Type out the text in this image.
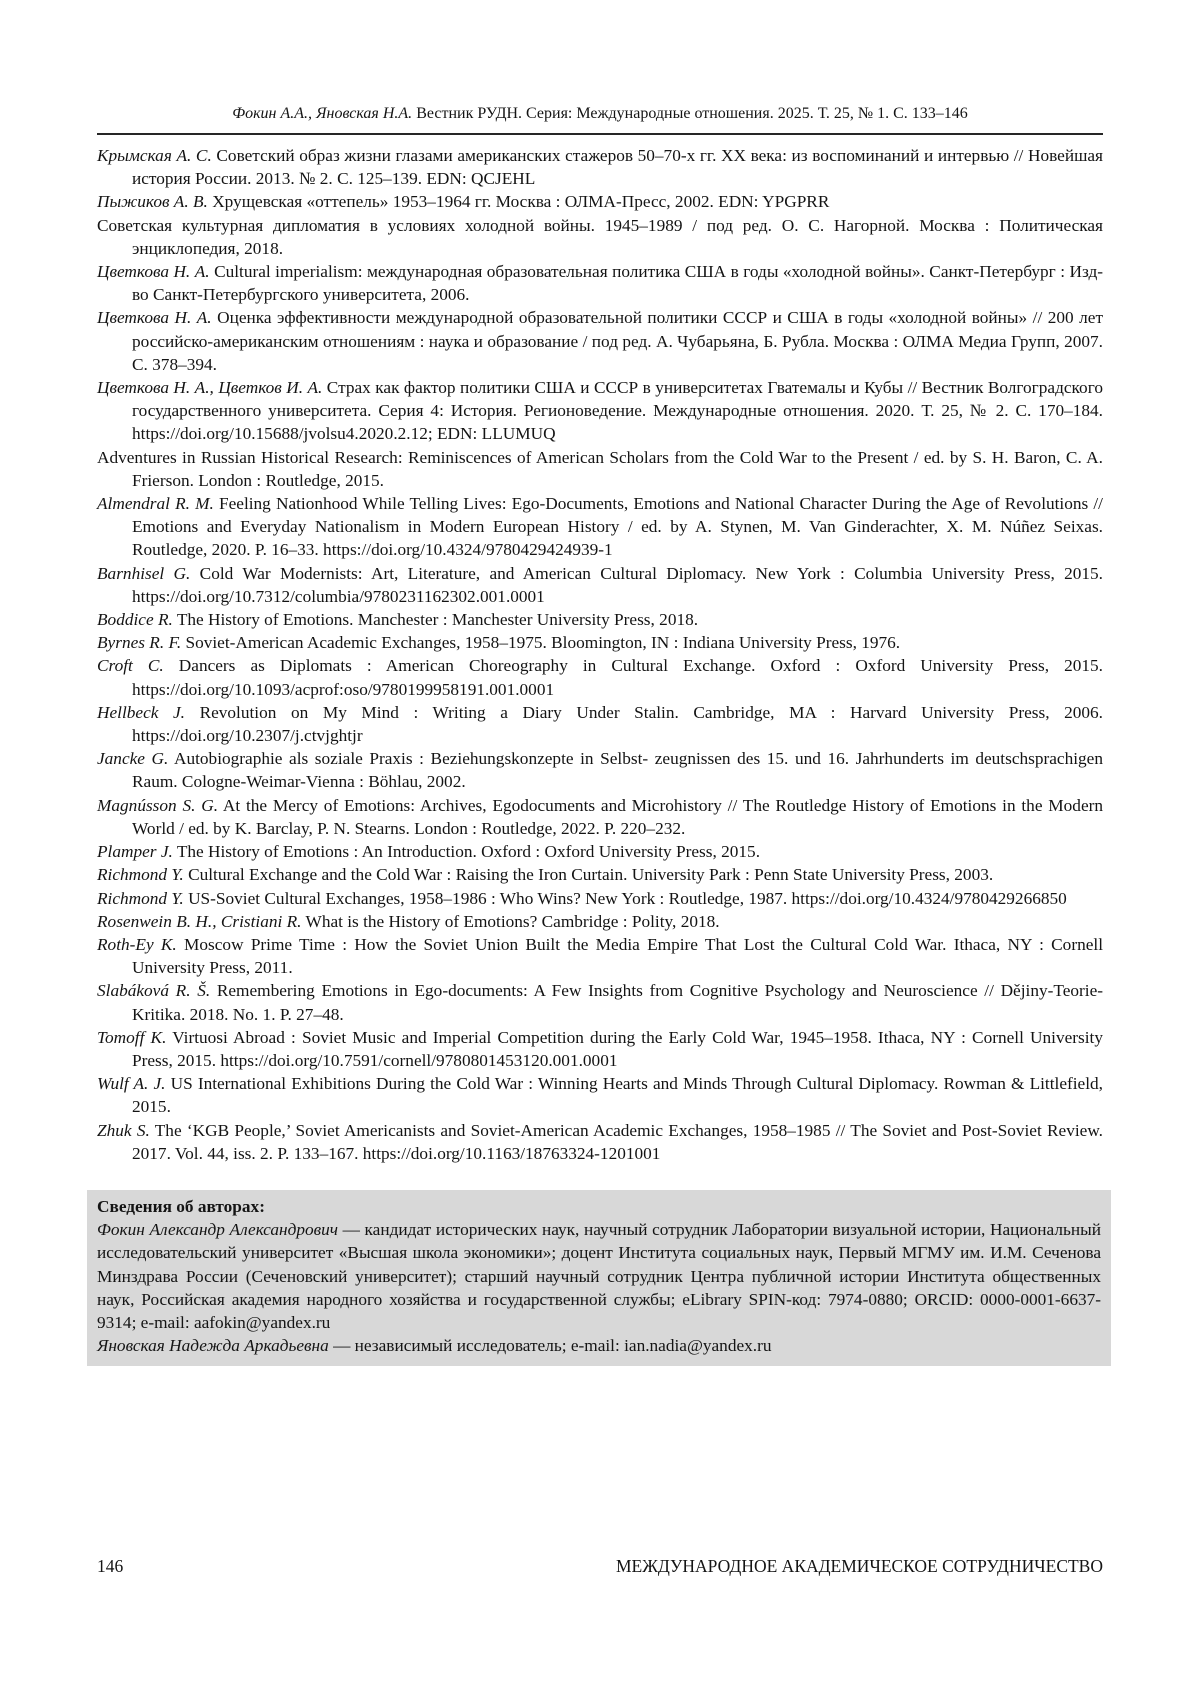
Фокин А.А., Яновская Н.А. Вестник РУДН. Серия: Международные отношения. 2025. Т. 25, № 1. С. 133–146
Крымская А. С. Советский образ жизни глазами американских стажеров 50–70-х гг. XX века: из воспоминаний и интервью // Новейшая история России. 2013. № 2. С. 125–139. EDN: QCJEHL
Пыжиков А. В. Хрущевская «оттепель» 1953–1964 гг. Москва : ОЛМА-Пресс, 2002. EDN: YPGPRR
Советская культурная дипломатия в условиях холодной войны. 1945–1989 / под ред. О. С. Нагорной. Москва : Политическая энциклопедия, 2018.
Цветкова Н. А. Cultural imperialism: международная образовательная политика США в годы «холодной войны». Санкт-Петербург : Изд-во Санкт-Петербургского университета, 2006.
Цветкова Н. А. Оценка эффективности международной образовательной политики СССР и США в годы «холодной войны» // 200 лет российско-американским отношениям : наука и образование / под ред. А. Чубарьяна, Б. Рубла. Москва : ОЛМА Медиа Групп, 2007. С. 378–394.
Цветкова Н. А., Цветков И. А. Страх как фактор политики США и СССР в университетах Гватемалы и Кубы // Вестник Волгоградского государственного университета. Серия 4: История. Регионоведение. Международные отношения. 2020. Т. 25, № 2. С. 170–184. https://doi.org/10.15688/jvolsu4.2020.2.12; EDN: LLUMUQ
Adventures in Russian Historical Research: Reminiscences of American Scholars from the Cold War to the Present / ed. by S. H. Baron, C. A. Frierson. London : Routledge, 2015.
Almendral R. M. Feeling Nationhood While Telling Lives: Ego-Documents, Emotions and National Character During the Age of Revolutions // Emotions and Everyday Nationalism in Modern European History / ed. by A. Stynen, M. Van Ginderachter, X. M. Núñez Seixas. Routledge, 2020. P. 16–33. https://doi.org/10.4324/9780429424939-1
Barnhisel G. Cold War Modernists: Art, Literature, and American Cultural Diplomacy. New York : Columbia University Press, 2015. https://doi.org/10.7312/columbia/9780231162302.001.0001
Boddice R. The History of Emotions. Manchester : Manchester University Press, 2018.
Byrnes R. F. Soviet-American Academic Exchanges, 1958–1975. Bloomington, IN : Indiana University Press, 1976.
Croft C. Dancers as Diplomats : American Choreography in Cultural Exchange. Oxford : Oxford University Press, 2015. https://doi.org/10.1093/acprof:oso/9780199958191.001.0001
Hellbeck J. Revolution on My Mind : Writing a Diary Under Stalin. Cambridge, MA : Harvard University Press, 2006. https://doi.org/10.2307/j.ctvjghtjr
Jancke G. Autobiographie als soziale Praxis : Beziehungskonzepte in Selbst- zeugnissen des 15. und 16. Jahrhunderts im deutschsprachigen Raum. Cologne-Weimar-Vienna : Böhlau, 2002.
Magnússon S. G. At the Mercy of Emotions: Archives, Egodocuments and Microhistory // The Routledge History of Emotions in the Modern World / ed. by K. Barclay, P. N. Stearns. London : Routledge, 2022. P. 220–232.
Plamper J. The History of Emotions : An Introduction. Oxford : Oxford University Press, 2015.
Richmond Y. Cultural Exchange and the Cold War : Raising the Iron Curtain. University Park : Penn State University Press, 2003.
Richmond Y. US-Soviet Cultural Exchanges, 1958–1986 : Who Wins? New York : Routledge, 1987. https://doi.org/10.4324/9780429266850
Rosenwein B. H., Cristiani R. What is the History of Emotions? Cambridge : Polity, 2018.
Roth-Ey K. Moscow Prime Time : How the Soviet Union Built the Media Empire That Lost the Cultural Cold War. Ithaca, NY : Cornell University Press, 2011.
Slabáková R. Š. Remembering Emotions in Ego-documents: A Few Insights from Cognitive Psychology and Neuroscience // Dějiny-Teorie-Kritika. 2018. No. 1. P. 27–48.
Tomoff K. Virtuosi Abroad : Soviet Music and Imperial Competition during the Early Cold War, 1945–1958. Ithaca, NY : Cornell University Press, 2015. https://doi.org/10.7591/cornell/9780801453120.001.0001
Wulf A. J. US International Exhibitions During the Cold War : Winning Hearts and Minds Through Cultural Diplomacy. Rowman & Littlefield, 2015.
Zhuk S. The ‘KGB People,’ Soviet Americanists and Soviet-American Academic Exchanges, 1958–1985 // The Soviet and Post-Soviet Review. 2017. Vol. 44, iss. 2. P. 133–167. https://doi.org/10.1163/18763324-1201001

Сведения об авторах:

Фокин Александр Александрович — кандидат исторических наук, научный сотрудник Лаборатории визуальной истории, Национальный исследовательский университет «Высшая школа экономики»; доцент Института социальных наук, Первый МГМУ им. И.М. Сеченова Минздрава России (Сеченовский университет); старший научный сотрудник Центра публичной истории Института общественных наук, Российская академия народного хозяйства и государственной службы; eLibrary SPIN-код: 7974-0880; ORCID: 0000-0001-6637-9314; e-mail: aafokin@yandex.ru

Яновская Надежда Аркадьевна — независимый исследователь; e-mail: ian.nadia@yandex.ru

146	МЕЖДУНАРОДНОЕ АКАДЕМИЧЕСКОЕ СОТРУДНИЧЕСТВО
